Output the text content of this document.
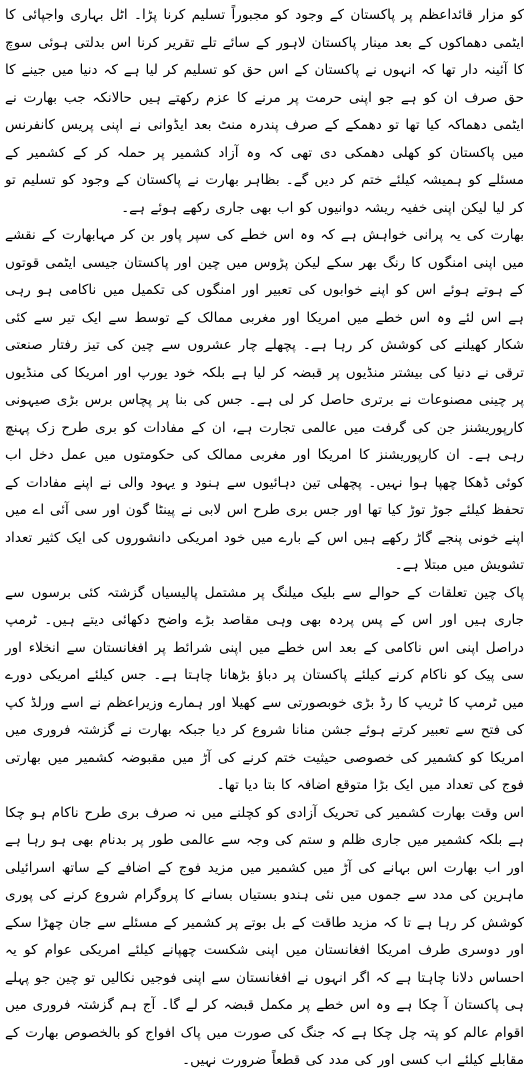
کو مزار قائداعظم پر پاکستان کے وجود کو مجبوراً تسلیم کرنا پڑا۔ اٹل بہاری واجپائی کا ایٹمی دھماکوں کے بعد مینار پاکستان لاہور کے سائے تلے تقریر کرنا اس بدلتی ہوئی سوچ کا آئینہ دار تھا کہ انہوں نے پاکستان کے اس حق کو تسلیم کر لیا ہے کہ دنیا میں جینے کا حق صرف ان کو ہے جو اپنی حرمت پر مرنے کا عزم رکھتے ہیں حالانکہ جب بھارت نے ایٹمی دھماکہ کیا تھا تو دھمکے کے صرف پندرہ منٹ بعد ایڈوانی نے اپنی پریس کانفرنس میں پاکستان کو کھلی دھمکی دی تھی کہ وہ آزاد کشمیر پر حملہ کر کے کشمیر کے مسئلے کو ہمیشہ کیلئے ختم کر دیں گے۔ بظاہر بھارت نے پاکستان کے وجود کو تسلیم تو کر لیا لیکن اپنی خفیہ ریشہ دوانیوں کو اب بھی جاری رکھے ہوئے ہے۔

بھارت کی یہ پرانی خواہش ہے کہ وہ اس خطے کی سپر پاور بن کر مہابھارت کے نقشے میں اپنی امنگوں کا رنگ بھر سکے لیکن پڑوس میں چین اور پاکستان جیسی ایٹمی قوتوں کے ہوتے ہوئے اس کو اپنے خوابوں کی تعبیر اور امنگوں کی تکمیل میں ناکامی ہو رہی ہے اس لئے وہ اس خطے میں امریکا اور مغربی ممالک کے توسط سے ایک تیر سے کئی شکار کھیلنے کی کوشش کر رہا ہے۔ پچھلے چار عشروں سے چین کی تیز رفتار صنعتی ترقی نے دنیا کی بیشتر منڈیوں پر قبضہ کر لیا ہے بلکہ خود یورپ اور امریکا کی منڈیوں پر چینی مصنوعات نے برتری حاصل کر لی ہے۔ جس کی بنا پر پچاس برس بڑی صیہونی کارپوریشنز جن کی گرفت میں عالمی تجارت ہے، ان کے مفادات کو بری طرح زک پہنچ رہی ہے۔ ان کارپوریشنز کا امریکا اور مغربی ممالک کی حکومتوں میں عمل دخل اب کوئی ڈھکا چھپا ہوا نہیں۔ پچھلی تین دہائیوں سے ہنود و یہود والی نے اپنے مفادات کے تحفظ کیلئے جوڑ توڑ کیا تھا اور جس بری طرح اس لابی نے پینٹا گون اور سی آئی اے میں اپنے خونی پنجے گاڑ رکھے ہیں اس کے بارے میں خود امریکی دانشوروں کی ایک کثیر تعداد تشویش میں مبتلا ہے۔

پاک چین تعلقات کے حوالے سے بلیک میلنگ پر مشتمل پالیسیاں گزشتہ کئی برسوں سے جاری ہیں اور اس کے پس پردہ بھی وہی مقاصد بڑے واضح دکھائی دیتے ہیں۔ ٹرمپ دراصل اپنی اس ناکامی کے بعد اس خطے میں اپنی شرائط پر افغانستان سے انخلاء اور سی پیک کو ناکام کرنے کیلئے پاکستان پر دباؤ بڑھانا چاہتا ہے۔ جس کیلئے امریکی دورے میں ٹرمپ کا ٹریپ کا رڈ بڑی خوبصورتی سے کھیلا اور ہمارے وزیراعظم نے اسے ورلڈ کپ کی فتح سے تعبیر کرتے ہوئے جشن منانا شروع کر دیا جبکہ بھارت نے گزشتہ فروری میں امریکا کو کشمیر کی خصوصی حیثیت ختم کرنے کی آڑ میں مقبوضہ کشمیر میں بھارتی فوج کی تعداد میں ایک بڑا متوقع اضافہ کا بتا دیا تھا۔

اس وقت بھارت کشمیر کی تحریک آزادی کو کچلنے میں نہ صرف بری طرح ناکام ہو چکا ہے بلکہ کشمیر میں جاری ظلم و ستم کی وجہ سے عالمی طور پر بدنام بھی ہو رہا ہے اور اب بھارت اس بہانے کی آڑ میں کشمیر میں مزید فوج کے اضافے کے ساتھ اسرائیلی ماہرین کی مدد سے جموں میں نئی ہندو بستیاں بسانے کا پروگرام شروع کرنے کی پوری کوشش کر رہا ہے تا کہ مزید طاقت کے بل بوتے پر کشمیر کے مسئلے سے جان چھڑا سکے اور دوسری طرف امریکا افغانستان میں اپنی شکست چھپانے کیلئے امریکی عوام کو یہ احساس دلانا چاہتا ہے کہ اگر انہوں نے افغانستان سے اپنی فوجیں نکالیں تو چین جو پہلے ہی پاکستان آ چکا ہے وہ اس خطے پر مکمل قبضہ کر لے گا۔ آج ہم گزشتہ فروری میں اقوام عالم کو پتہ چل چکا ہے کہ جنگ کی صورت میں پاک افواج کو بالخصوص بھارت کے مقابلے کیلئے اب کسی اور کی مدد کی قطعاً ضرورت نہیں۔
